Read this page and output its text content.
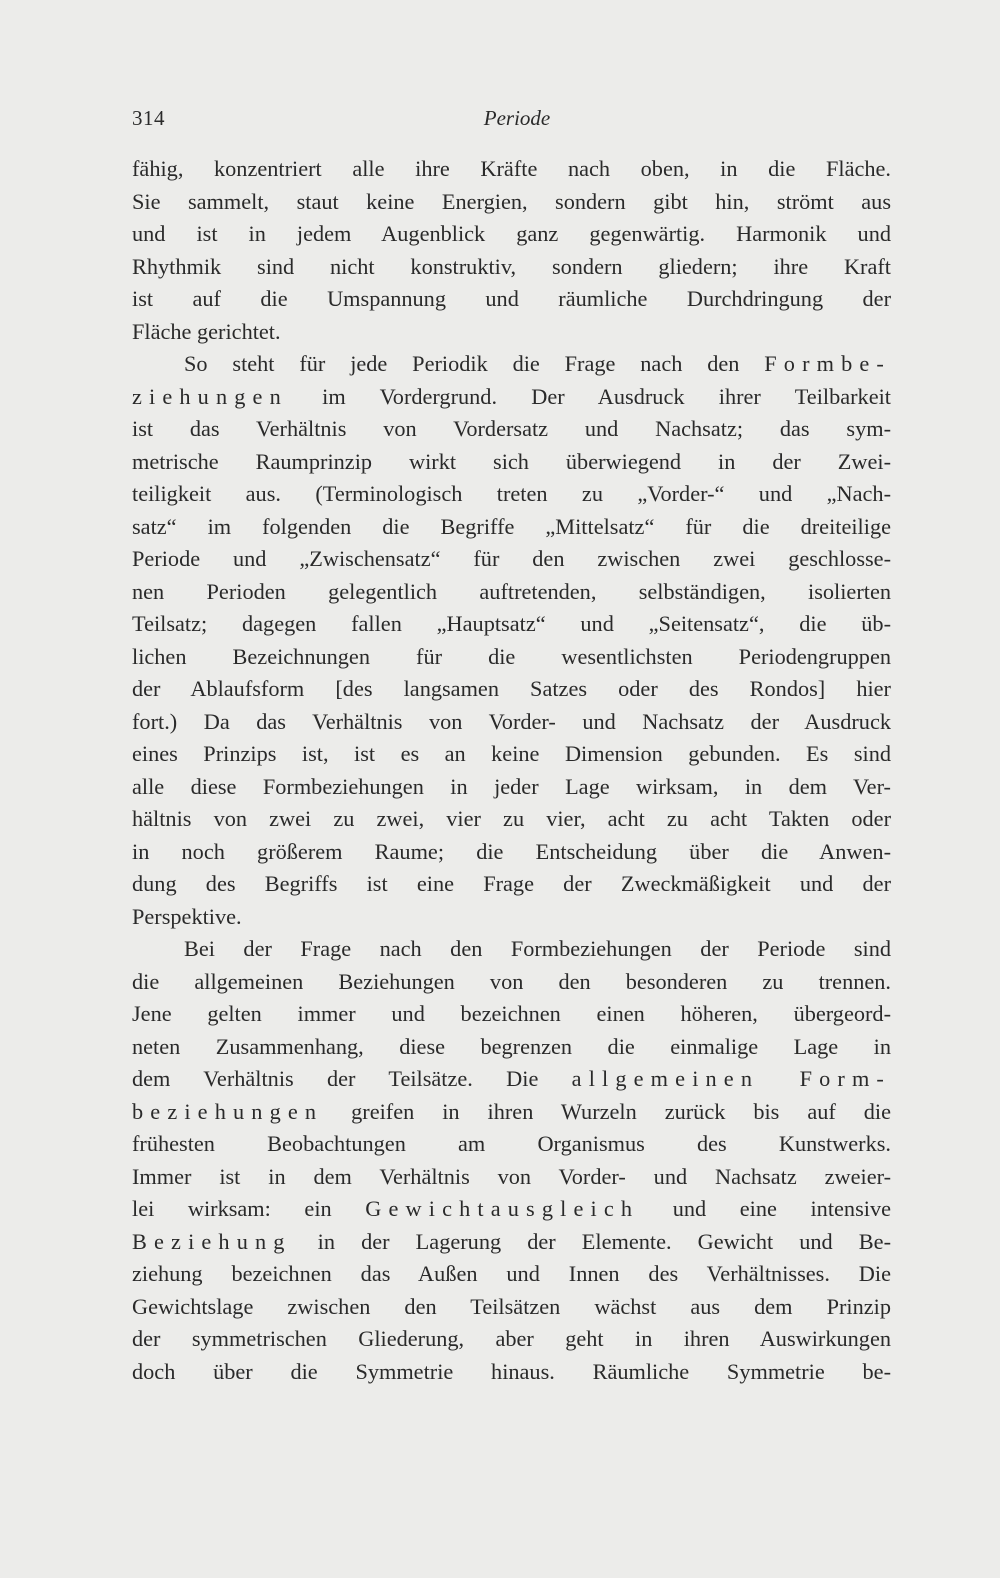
314	Periode
fähig, konzentriert alle ihre Kräfte nach oben, in die Fläche.
Sie sammelt, staut keine Energien, sondern gibt hin, strömt aus
und ist in jedem Augenblick ganz gegenwärtig. Harmonik und
Rhythmik sind nicht konstruktiv, sondern gliedern; ihre Kraft
ist auf die Umspannung und räumliche Durchdringung der
Fläche gerichtet.
So steht für jede Periodik die Frage nach den Formbe-
ziehungen im Vordergrund. Der Ausdruck ihrer Teilbarkeit
ist das Verhältnis von Vordersatz und Nachsatz; das sym-
metrische Raumprinzip wirkt sich überwiegend in der Zwei-
teiligkeit aus. (Terminologisch treten zu „Vorder-“ und „Nach-
satz“ im folgenden die Begriffe „Mittelsatz“ für die dreiteilige
Periode und „Zwischensatz“ für den zwischen zwei geschlosse-
nen Perioden gelegentlich auftretenden, selbständigen, isolierten
Teilsatz; dagegen fallen „Hauptsatz“ und „Seitensatz“, die üb-
lichen Bezeichnungen für die wesentlichsten Periodengruppen
der Ablaufsform [des langsamen Satzes oder des Rondos] hier
fort.) Da das Verhältnis von Vorder- und Nachsatz der Ausdruck
eines Prinzips ist, ist es an keine Dimension gebunden. Es sind
alle diese Formbeziehungen in jeder Lage wirksam, in dem Ver-
hältnis von zwei zu zwei, vier zu vier, acht zu acht Takten oder
in noch größerem Raume; die Entscheidung über die Anwen-
dung des Begriffs ist eine Frage der Zweckmäßigkeit und der
Perspektive.
Bei der Frage nach den Formbeziehungen der Periode sind
die allgemeinen Beziehungen von den besonderen zu trennen.
Jene gelten immer und bezeichnen einen höheren, übergeord-
neten Zusammenhang, diese begrenzen die einmalige Lage in
dem Verhältnis der Teilsätze. Die allgemeinen Form-
beziehungen greifen in ihren Wurzeln zurück bis auf die
frühesten Beobachtungen am Organismus des Kunstwerks.
Immer ist in dem Verhältnis von Vorder- und Nachsatz zweier-
lei wirksam: ein Gewichtausgleich und eine intensive
Beziehung in der Lagerung der Elemente. Gewicht und Be-
ziehung bezeichnen das Außen und Innen des Verhältnisses. Die
Gewichtslage zwischen den Teilsätzen wächst aus dem Prinzip
der symmetrischen Gliederung, aber geht in ihren Auswirkungen
doch über die Symmetrie hinaus. Räumliche Symmetrie be-
